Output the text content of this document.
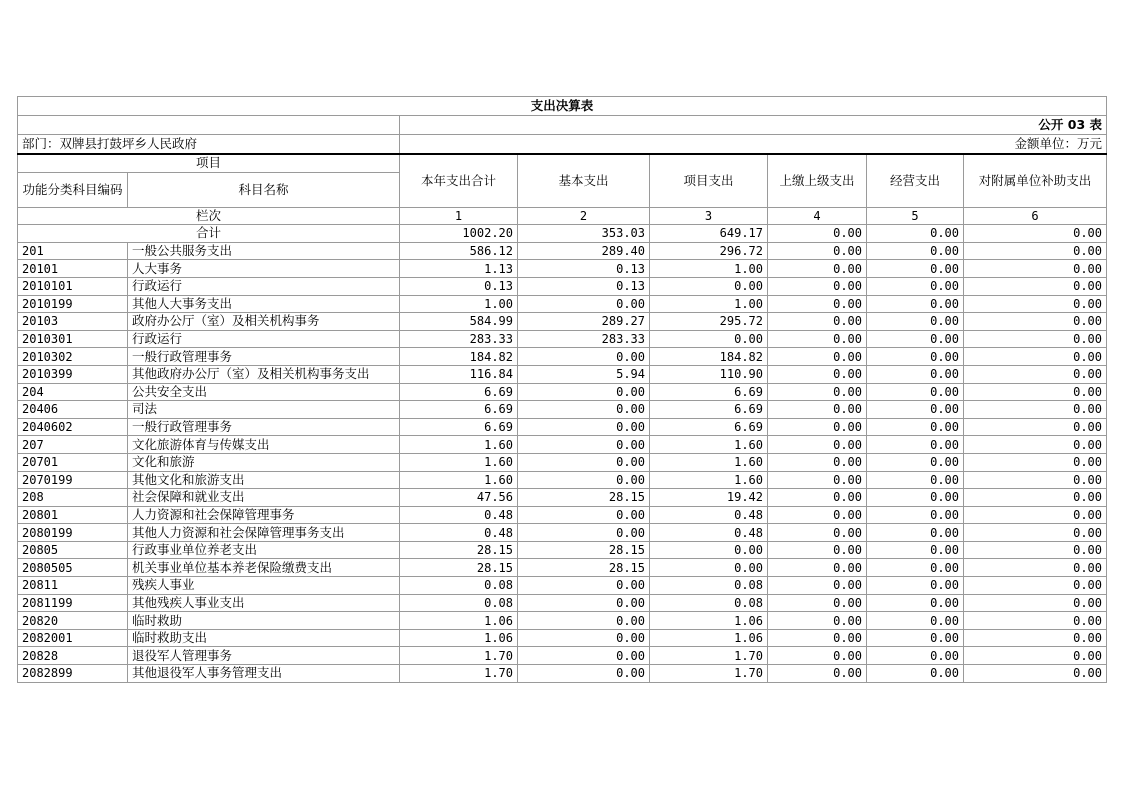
支出决算表							
		公开 03 表					
部门：双牌县打鼓坪乡人民政府		金额单位：万元					
项目		本年支出合计	基本支出	项目支出	上缴上级支出	经营支出	对附属单位补助支出
功能分类科目编码	科目名称						
栏次		1	2	3	4	5	6
合计		1002.20	353.03	649.17	0.00	0.00	0.00
201	一般公共服务支出	586.12	289.40	296.72	0.00	0.00	0.00
20101	人大事务	1.13	0.13	1.00	0.00	0.00	0.00
2010101	行政运行	0.13	0.13	0.00	0.00	0.00	0.00
2010199	其他人大事务支出	1.00	0.00	1.00	0.00	0.00	0.00
20103	政府办公厅（室）及相关机构事务	584.99	289.27	295.72	0.00	0.00	0.00
2010301	行政运行	283.33	283.33	0.00	0.00	0.00	0.00
2010302	一般行政管理事务	184.82	0.00	184.82	0.00	0.00	0.00
2010399	其他政府办公厅（室）及相关机构事务支出	116.84	5.94	110.90	0.00	0.00	0.00
204	公共安全支出	6.69	0.00	6.69	0.00	0.00	0.00
20406	司法	6.69	0.00	6.69	0.00	0.00	0.00
2040602	一般行政管理事务	6.69	0.00	6.69	0.00	0.00	0.00
207	文化旅游体育与传媒支出	1.60	0.00	1.60	0.00	0.00	0.00
20701	文化和旅游	1.60	0.00	1.60	0.00	0.00	0.00
2070199	其他文化和旅游支出	1.60	0.00	1.60	0.00	0.00	0.00
208	社会保障和就业支出	47.56	28.15	19.42	0.00	0.00	0.00
20801	人力资源和社会保障管理事务	0.48	0.00	0.48	0.00	0.00	0.00
2080199	其他人力资源和社会保障管理事务支出	0.48	0.00	0.48	0.00	0.00	0.00
20805	行政事业单位养老支出	28.15	28.15	0.00	0.00	0.00	0.00
2080505	机关事业单位基本养老保险缴费支出	28.15	28.15	0.00	0.00	0.00	0.00
20811	残疾人事业	0.08	0.00	0.08	0.00	0.00	0.00
2081199	其他残疾人事业支出	0.08	0.00	0.08	0.00	0.00	0.00
20820	临时救助	1.06	0.00	1.06	0.00	0.00	0.00
2082001	临时救助支出	1.06	0.00	1.06	0.00	0.00	0.00
20828	退役军人管理事务	1.70	0.00	1.70	0.00	0.00	0.00
2082899	其他退役军人事务管理支出	1.70	0.00	1.70	0.00	0.00	0.00
